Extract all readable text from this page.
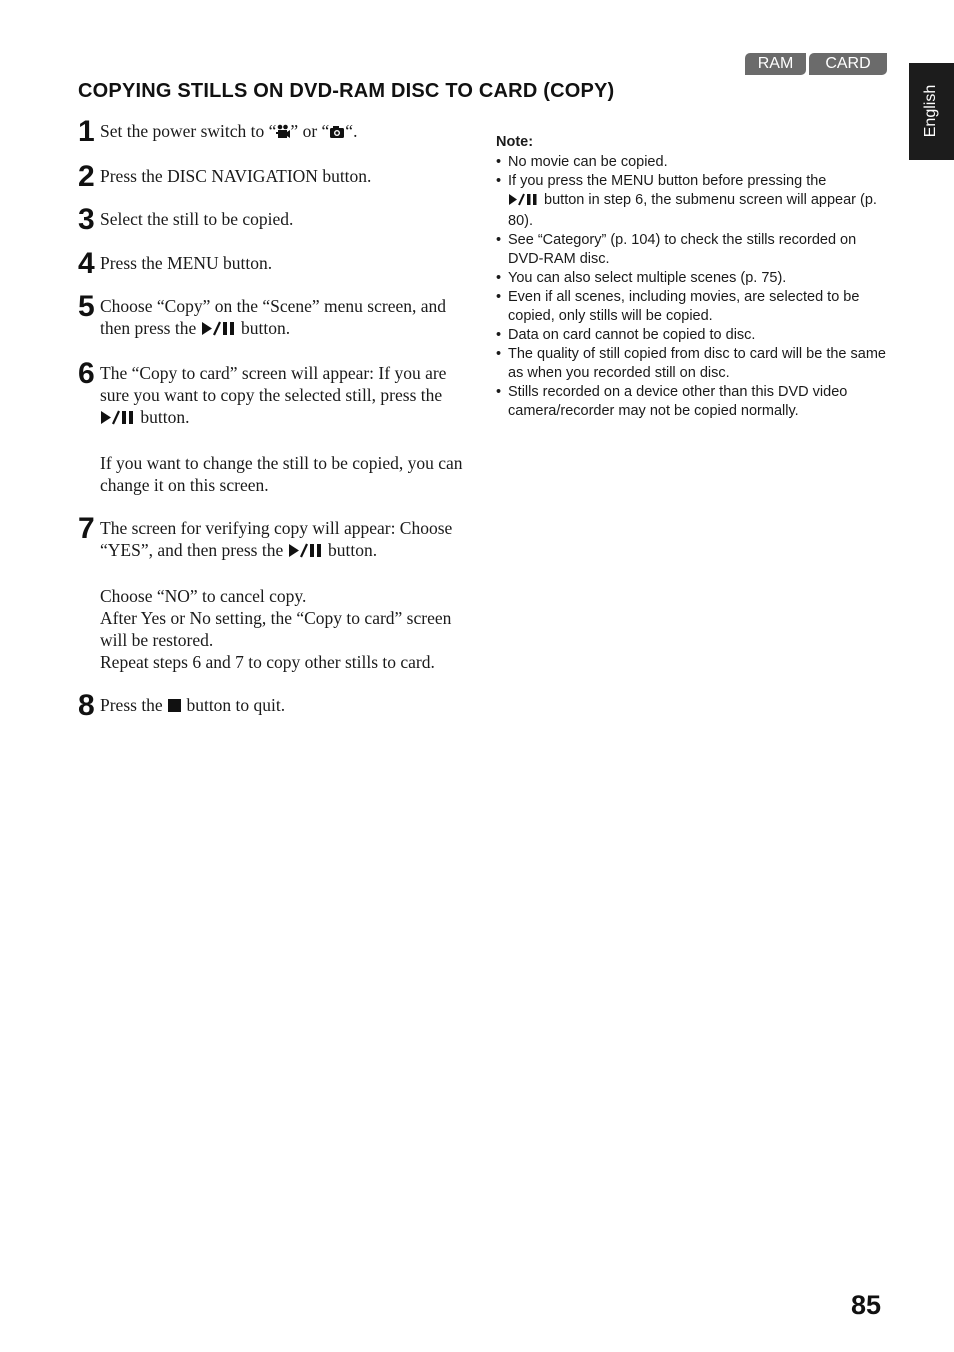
RAM	CARD
English
COPYING STILLS ON DVD-RAM DISC TO CARD (COPY)
1 Set the power switch to “ ” or “ “.

2 Press the DISC NAVIGATION button.

3 Select the still to be copied.

4 Press the MENU button.

5 Choose “Copy” on the “Scene” menu screen, and then press the  button.

6 The “Copy to card” screen will appear: If you are sure you want to copy the selected still, press the  button.

If you want to change the still to be copied, you can change it on this screen.

7 The screen for verifying copy will appear: Choose “YES”, and then press the  button.

Choose “NO” to cancel copy.

After Yes or No setting, the “Copy to card” screen will be restored.

Repeat steps 6 and 7 to copy other stills to card.

8 Press the  button to quit.

Note:
• No movie can be copied.
• If you press the MENU button before pressing the
button in step 6, the submenu screen will appear (p. 80).
• See “Category” (p. 104) to check the stills recorded on DVD-RAM disc.
• You can also select multiple scenes (p. 75).
• Even if all scenes, including movies, are selected to be copied, only stills will be copied.
• Data on card cannot be copied to disc.
• The quality of still copied from disc to card will be the same as when you recorded still on disc.
• Stills recorded on a device other than this DVD video camera/recorder may not be copied normally.
85
